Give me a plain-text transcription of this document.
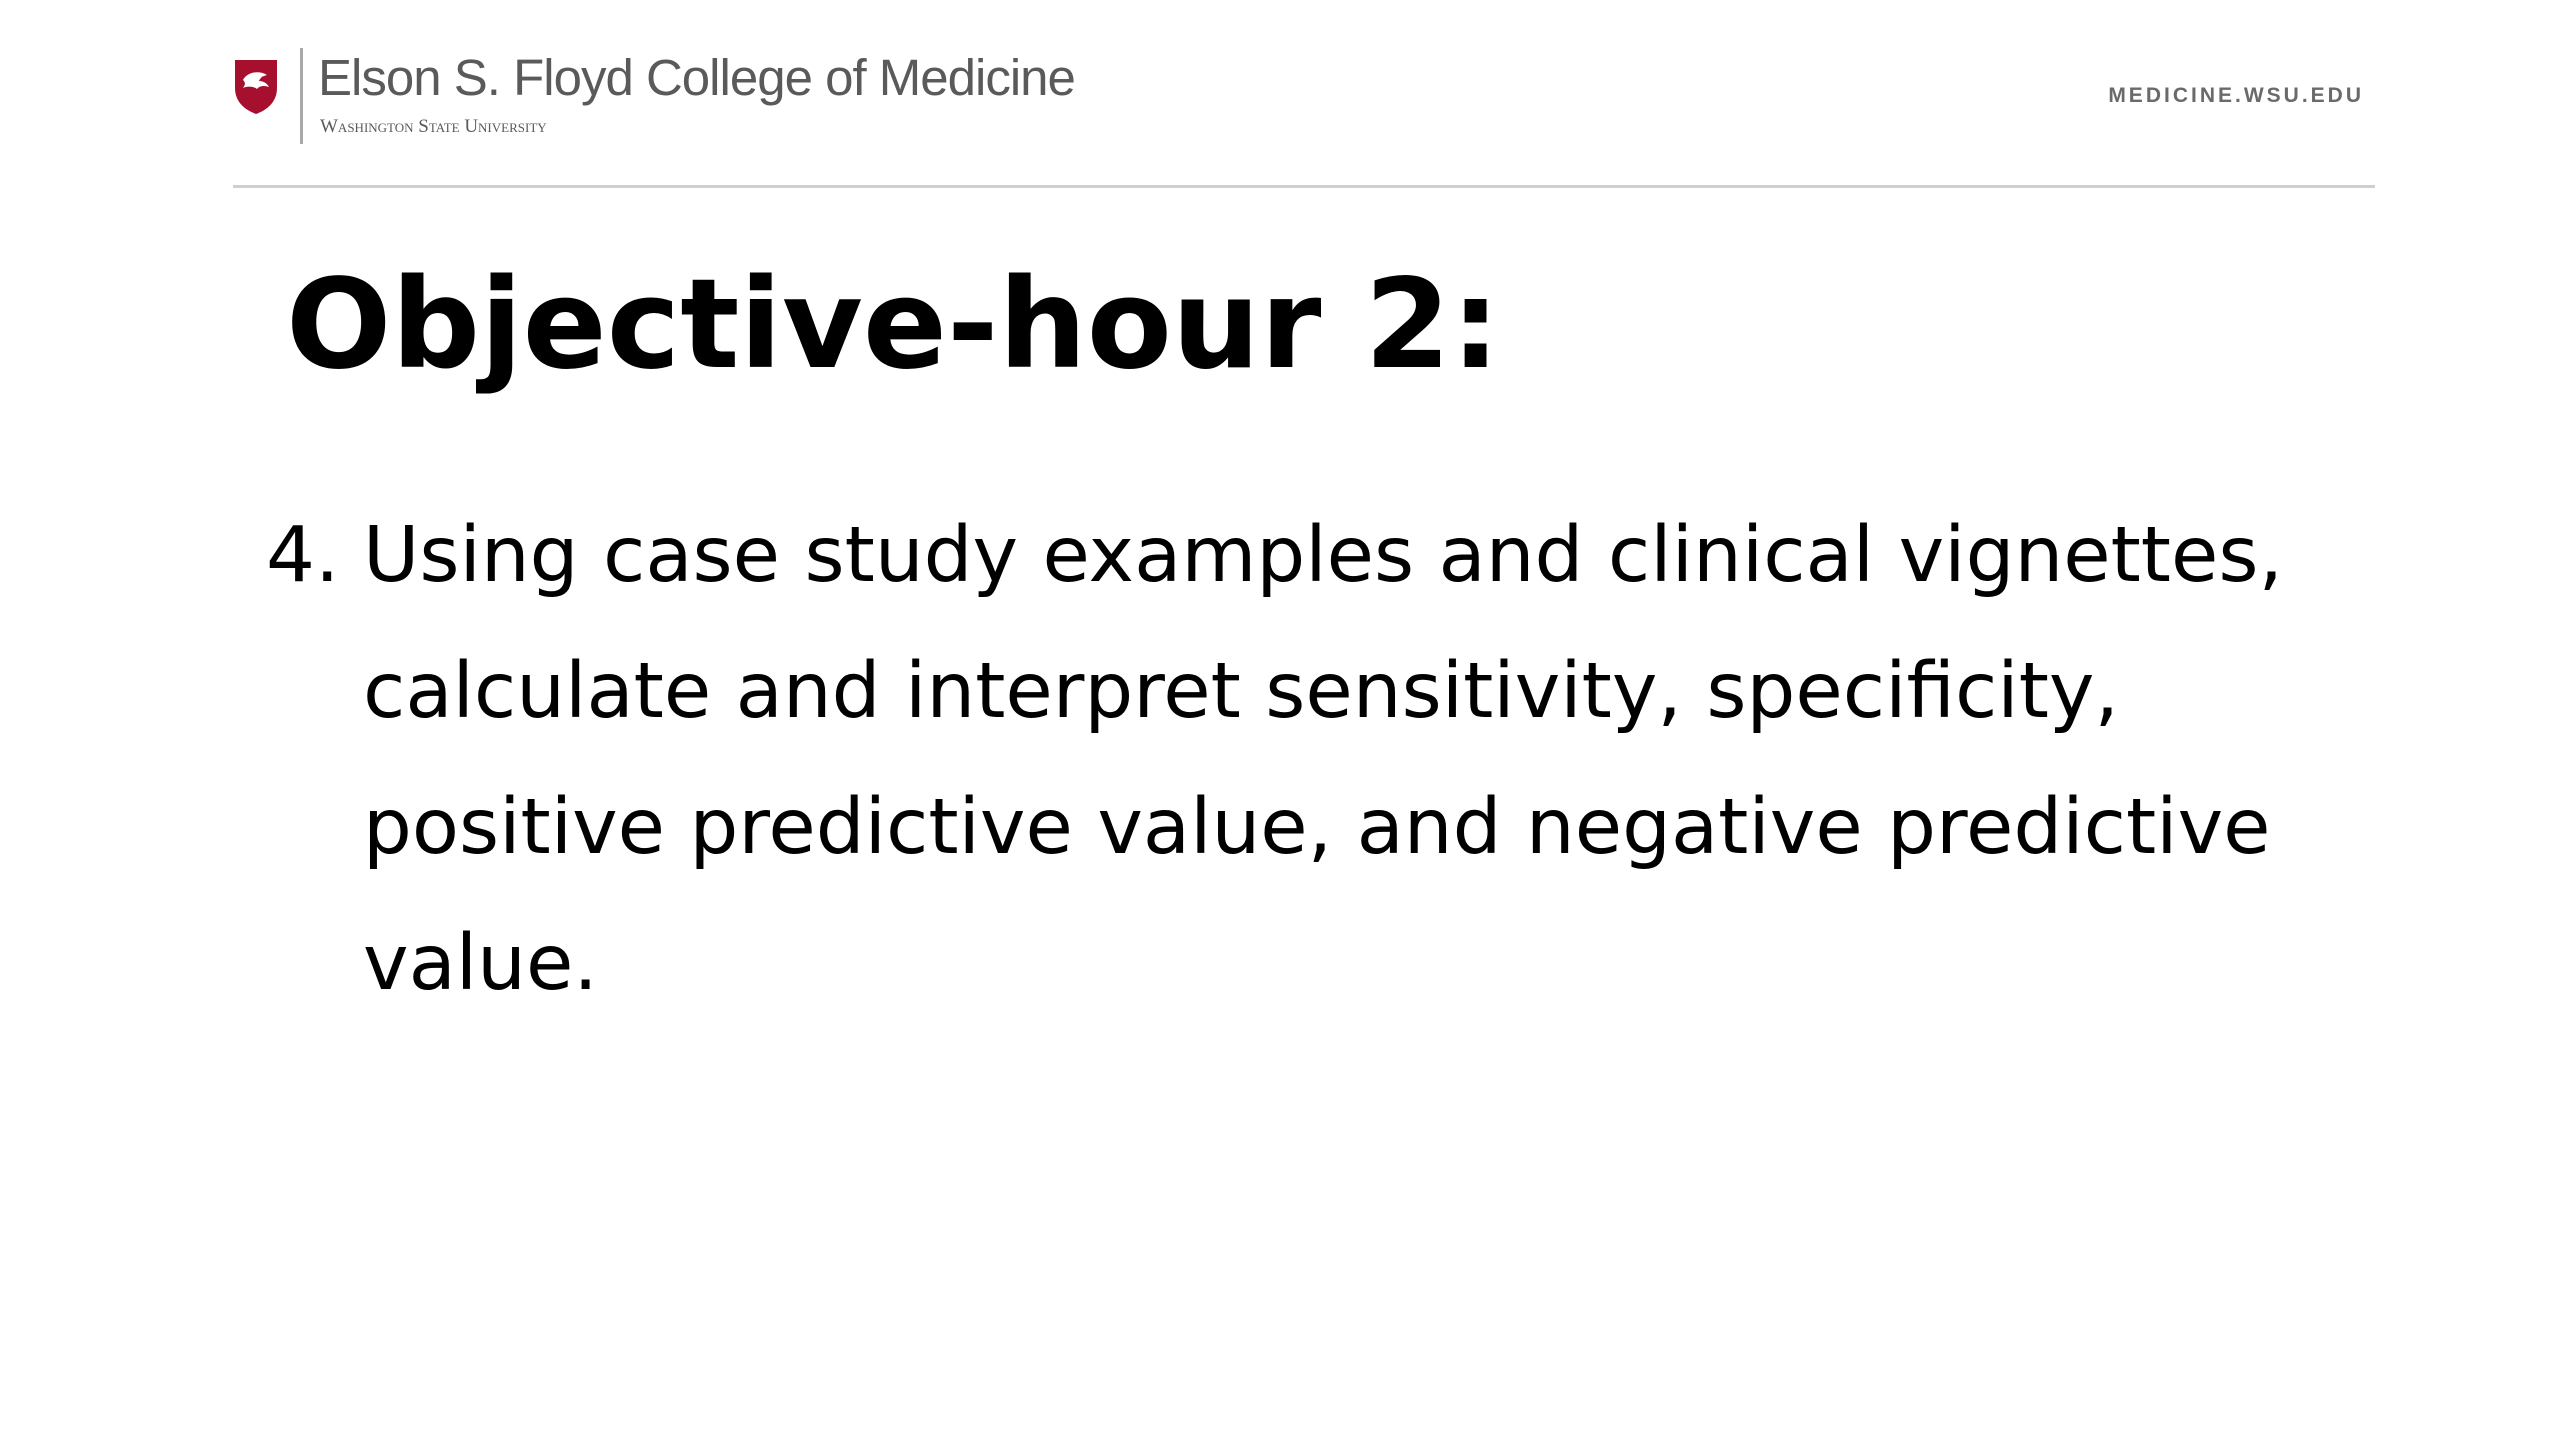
Elson S. Floyd College of Medicine
Washington State University
MEDICINE.WSU.EDU
Objective-hour 2:
4. Using case study examples and clinical vignettes,
calculate and interpret sensitivity, specificity,
positive predictive value, and negative predictive
value.
